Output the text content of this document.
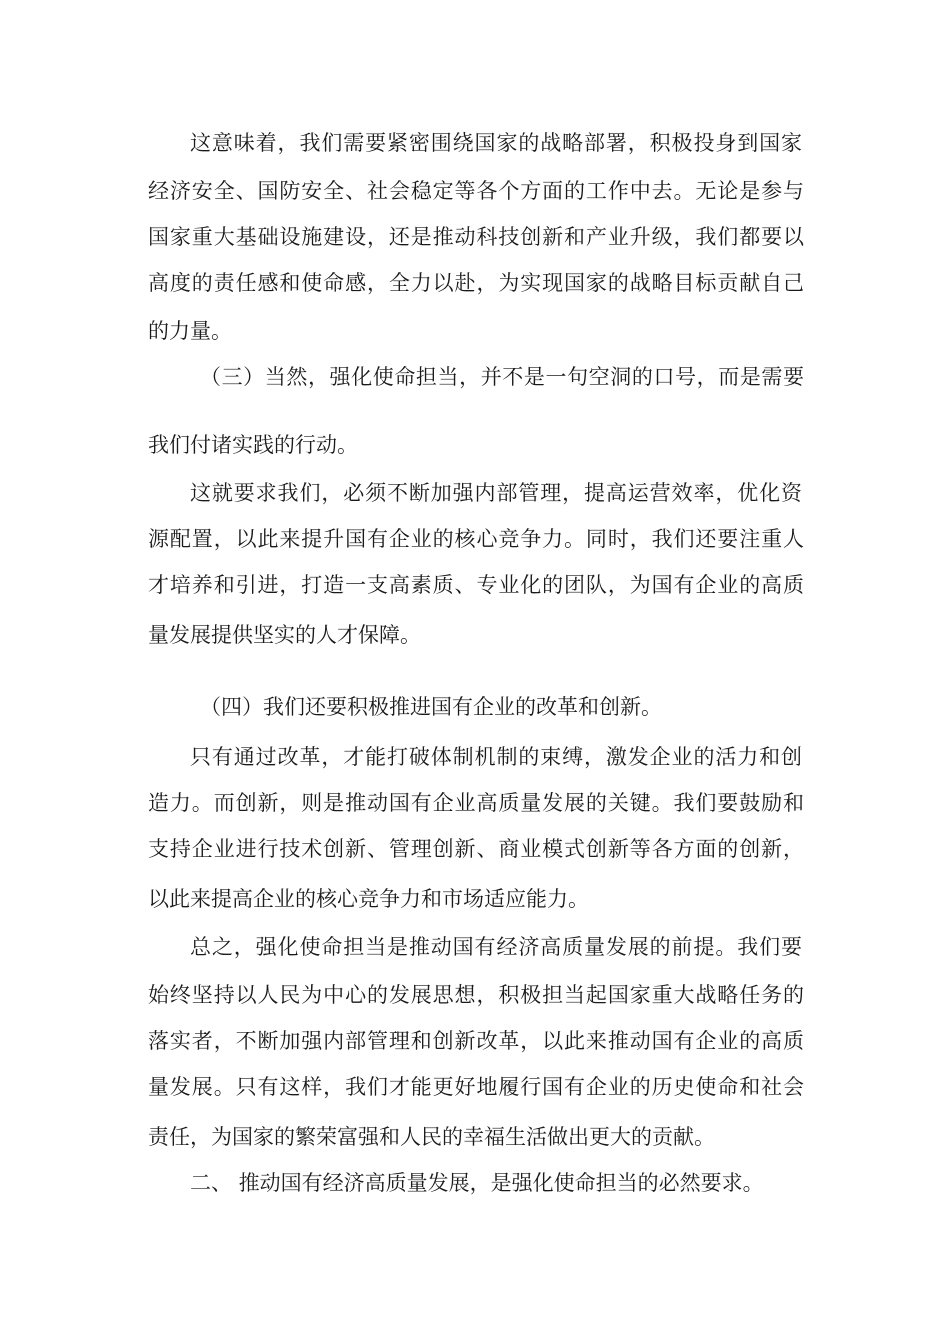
这意味着，我们需要紧密围绕国家的战略部署，积极投身到国家
经济安全、国防安全、社会稳定等各个方面的工作中去。无论是参与
国家重大基础设施建设，还是推动科技创新和产业升级，我们都要以
高度的责任感和使命感，全力以赴，为实现国家的战略目标贡献自己
的力量。
（三）当然，强化使命担当，并不是一句空洞的口号，而是需要
我们付诸实践的行动。
这就要求我们，必须不断加强内部管理，提高运营效率，优化资
源配置，以此来提升国有企业的核心竞争力。同时，我们还要注重人
才培养和引进，打造一支高素质、专业化的团队，为国有企业的高质
量发展提供坚实的人才保障。
（四）我们还要积极推进国有企业的改革和创新。
只有通过改革，才能打破体制机制的束缚，激发企业的活力和创
造力。而创新，则是推动国有企业高质量发展的关键。我们要鼓励和
支持企业进行技术创新、管理创新、商业模式创新等各方面的创新，
以此来提高企业的核心竞争力和市场适应能力。
总之，强化使命担当是推动国有经济高质量发展的前提。我们要
始终坚持以人民为中心的发展思想，积极担当起国家重大战略任务的
落实者，不断加强内部管理和创新改革，以此来推动国有企业的高质
量发展。只有这样，我们才能更好地履行国有企业的历史使命和社会
责任，为国家的繁荣富强和人民的幸福生活做出更大的贡献。
二、 推动国有经济高质量发展，是强化使命担当的必然要求。
